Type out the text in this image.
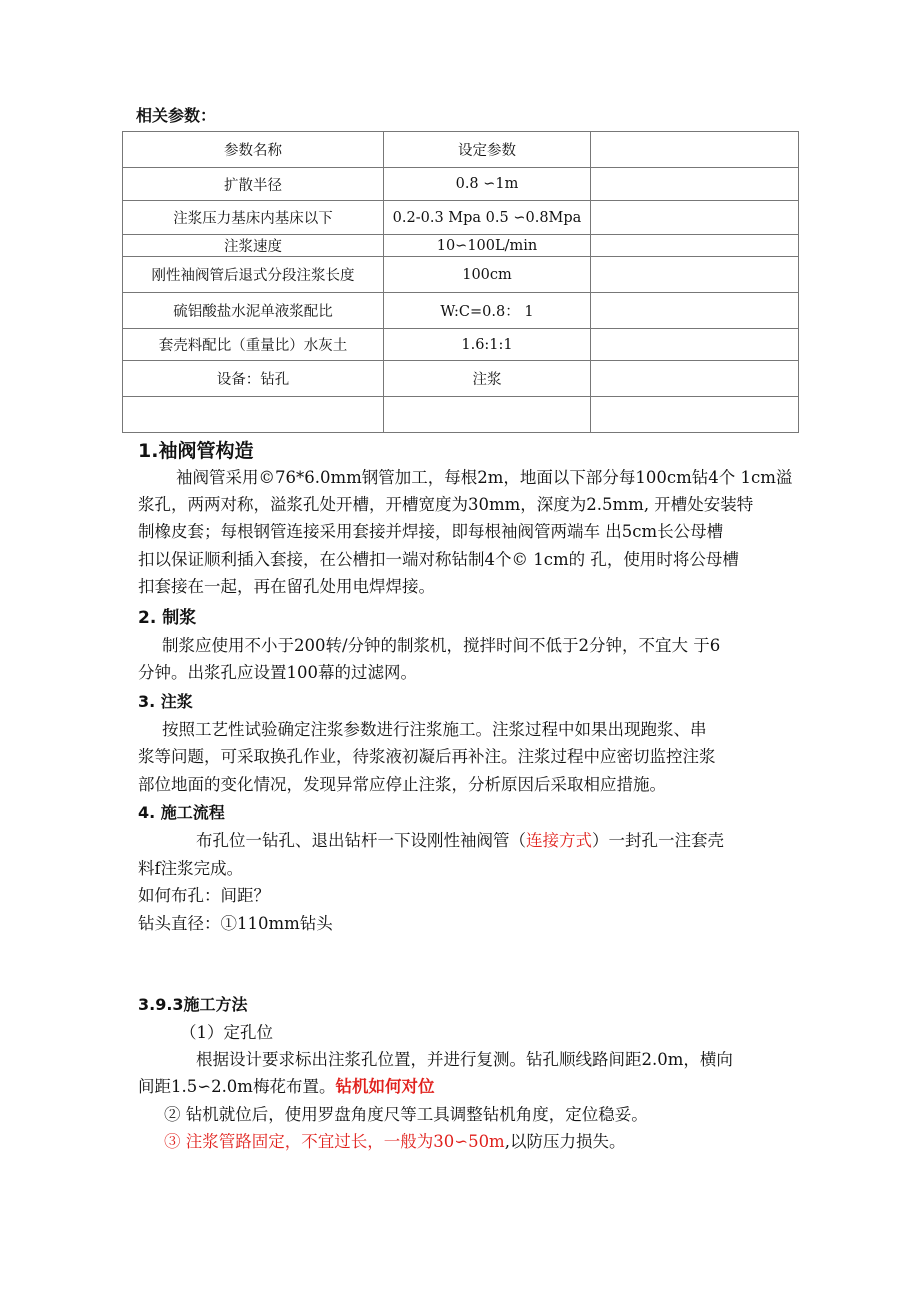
相关参数：
参数名称	设定参数	
扩散半径	0.8 ∽1m	
注浆压力基床内基床以下	0.2-0.3 Mpa 0.5 ∽0.8Mpa	
注浆速度	10∽100L/min	
刚性袖阀管后退式分段注浆长度	100cm	
硫铝酸盐水泥单液浆配比	W:C=0.8： 1	
套壳料配比（重量比）水灰土	1.6:1:1	
设备：钻孔	注浆	

1.袖阀管构造
袖阀管采用©76*6.0mm钢管加工，每根2m，地面以下部分每100cm钻4个 1cm溢
浆孔，两两对称，溢浆孔处开槽，开槽宽度为30mm，深度为2.5mm, 开槽处安装特
制橡皮套；每根钢管连接采用套接并焊接，即每根袖阀管两端车 出5cm长公母槽
扣以保证顺利插入套接，在公槽扣一端对称钻制4个© 1cm的 孔，使用时将公母槽
扣套接在一起，再在留孔处用电焊焊接。
2. 制浆
制浆应使用不小于200转/分钟的制浆机，搅拌时间不低于2分钟，不宜大 于6
分钟。出浆孔应设置100幕的过滤网。
3. 注浆
按照工艺性试验确定注浆参数进行注浆施工。注浆过程中如果出现跑浆、串
浆等问题，可采取换孔作业，待浆液初凝后再补注。注浆过程中应密切监控注浆
部位地面的变化情况，发现异常应停止注浆，分析原因后采取相应措施。
4. 施工流程
布孔位一钻孔、退出钻杆一下设刚性袖阀管（连接方式）一封孔一注套壳
料f注浆完成。
如何布孔：间距？
钻头直径：①110mm钻头
3.9.3施工方法
（1）定孔位
根据设计要求标出注浆孔位置，并进行复测。钻孔顺线路间距2.0m，横向
间距1.5∽2.0m梅花布置。钻机如何对位
② 钻机就位后，使用罗盘角度尺等工具调整钻机角度，定位稳妥。
③ 注浆管路固定，不宜过长，一般为30∽50m,以防压力损失。
